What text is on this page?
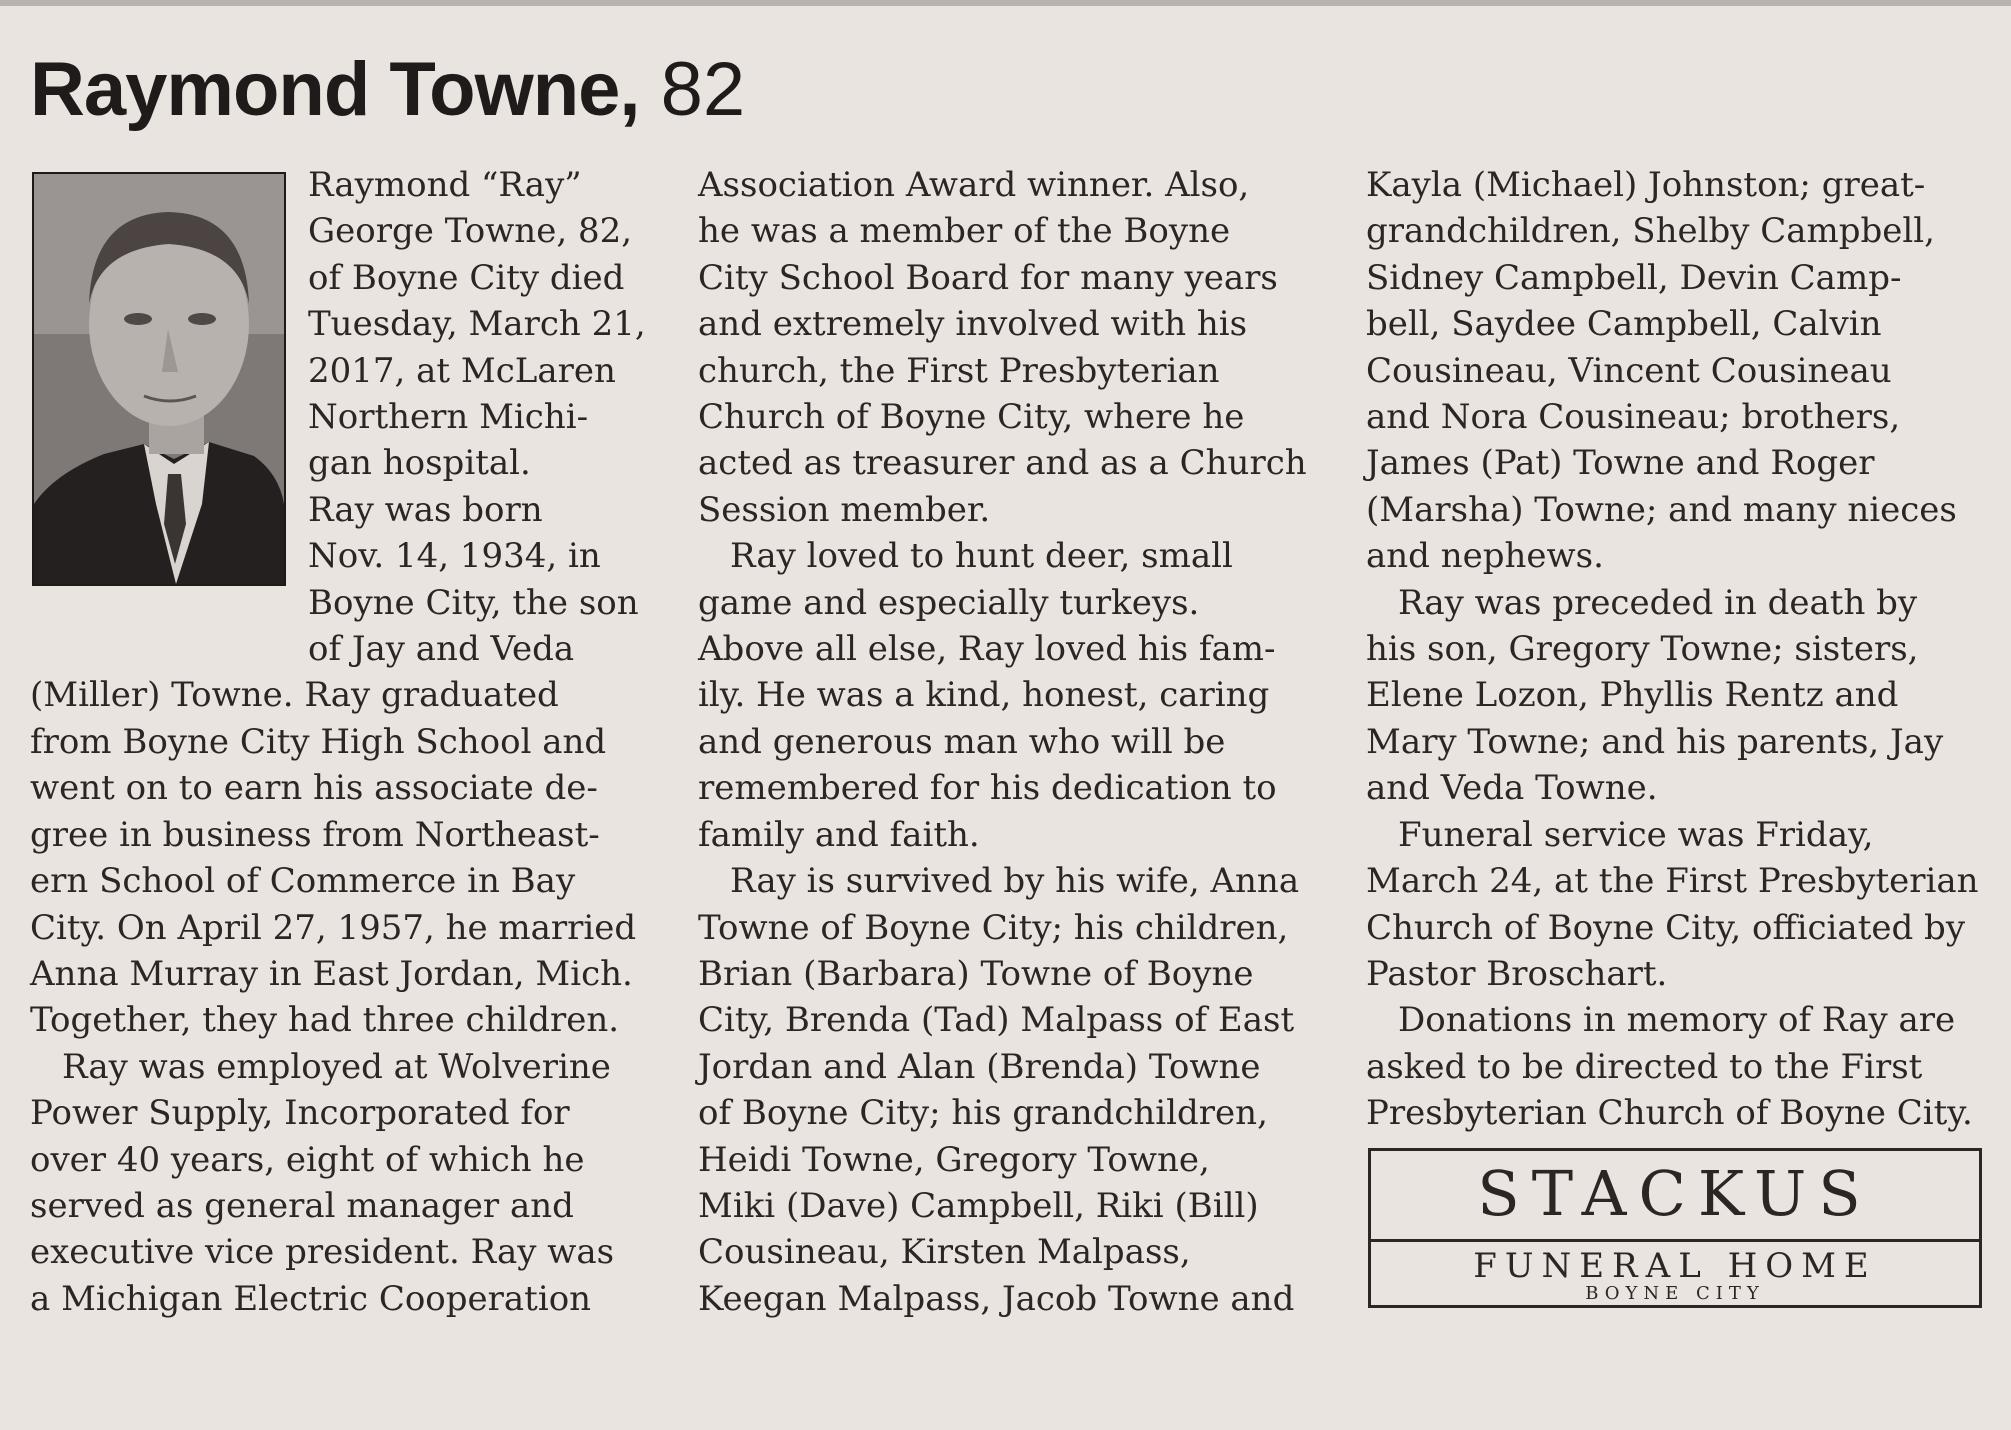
Raymond Towne, 82
Raymond “Ray”
George Towne, 82,
of Boyne City died
Tuesday, March 21,
2017, at McLaren
Northern Michi-
gan hospital.
Ray was born
Nov. 14, 1934, in
Boyne City, the son
of Jay and Veda
(Miller) Towne. Ray graduated
from Boyne City High School and
went on to earn his associate de-
gree in business from Northeast-
ern School of Commerce in Bay
City. On April 27, 1957, he married
Anna Murray in East Jordan, Mich.
Together, they had three children.
Ray was employed at Wolverine
Power Supply, Incorporated for
over 40 years, eight of which he
served as general manager and
executive vice president. Ray was
a Michigan Electric Cooperation
Association Award winner. Also,
he was a member of the Boyne
City School Board for many years
and extremely involved with his
church, the First Presbyterian
Church of Boyne City, where he
acted as treasurer and as a Church
Session member.
Ray loved to hunt deer, small
game and especially turkeys.
Above all else, Ray loved his fam-
ily. He was a kind, honest, caring
and generous man who will be
remembered for his dedication to
family and faith.
Ray is survived by his wife, Anna
Towne of Boyne City; his children,
Brian (Barbara) Towne of Boyne
City, Brenda (Tad) Malpass of East
Jordan and Alan (Brenda) Towne
of Boyne City; his grandchildren,
Heidi Towne, Gregory Towne,
Miki (Dave) Campbell, Riki (Bill)
Cousineau, Kirsten Malpass,
Keegan Malpass, Jacob Towne and
Kayla (Michael) Johnston; great-
grandchildren, Shelby Campbell,
Sidney Campbell, Devin Camp-
bell, Saydee Campbell, Calvin
Cousineau, Vincent Cousineau
and Nora Cousineau; brothers,
James (Pat) Towne and Roger
(Marsha) Towne; and many nieces
and nephews.
Ray was preceded in death by
his son, Gregory Towne; sisters,
Elene Lozon, Phyllis Rentz and
Mary Towne; and his parents, Jay
and Veda Towne.
Funeral service was Friday,
March 24, at the First Presbyterian
Church of Boyne City, officiated by
Pastor Broschart.
Donations in memory of Ray are
asked to be directed to the First
Presbyterian Church of Boyne City.
STACKUS
FUNERAL HOME
BOYNE CITY
